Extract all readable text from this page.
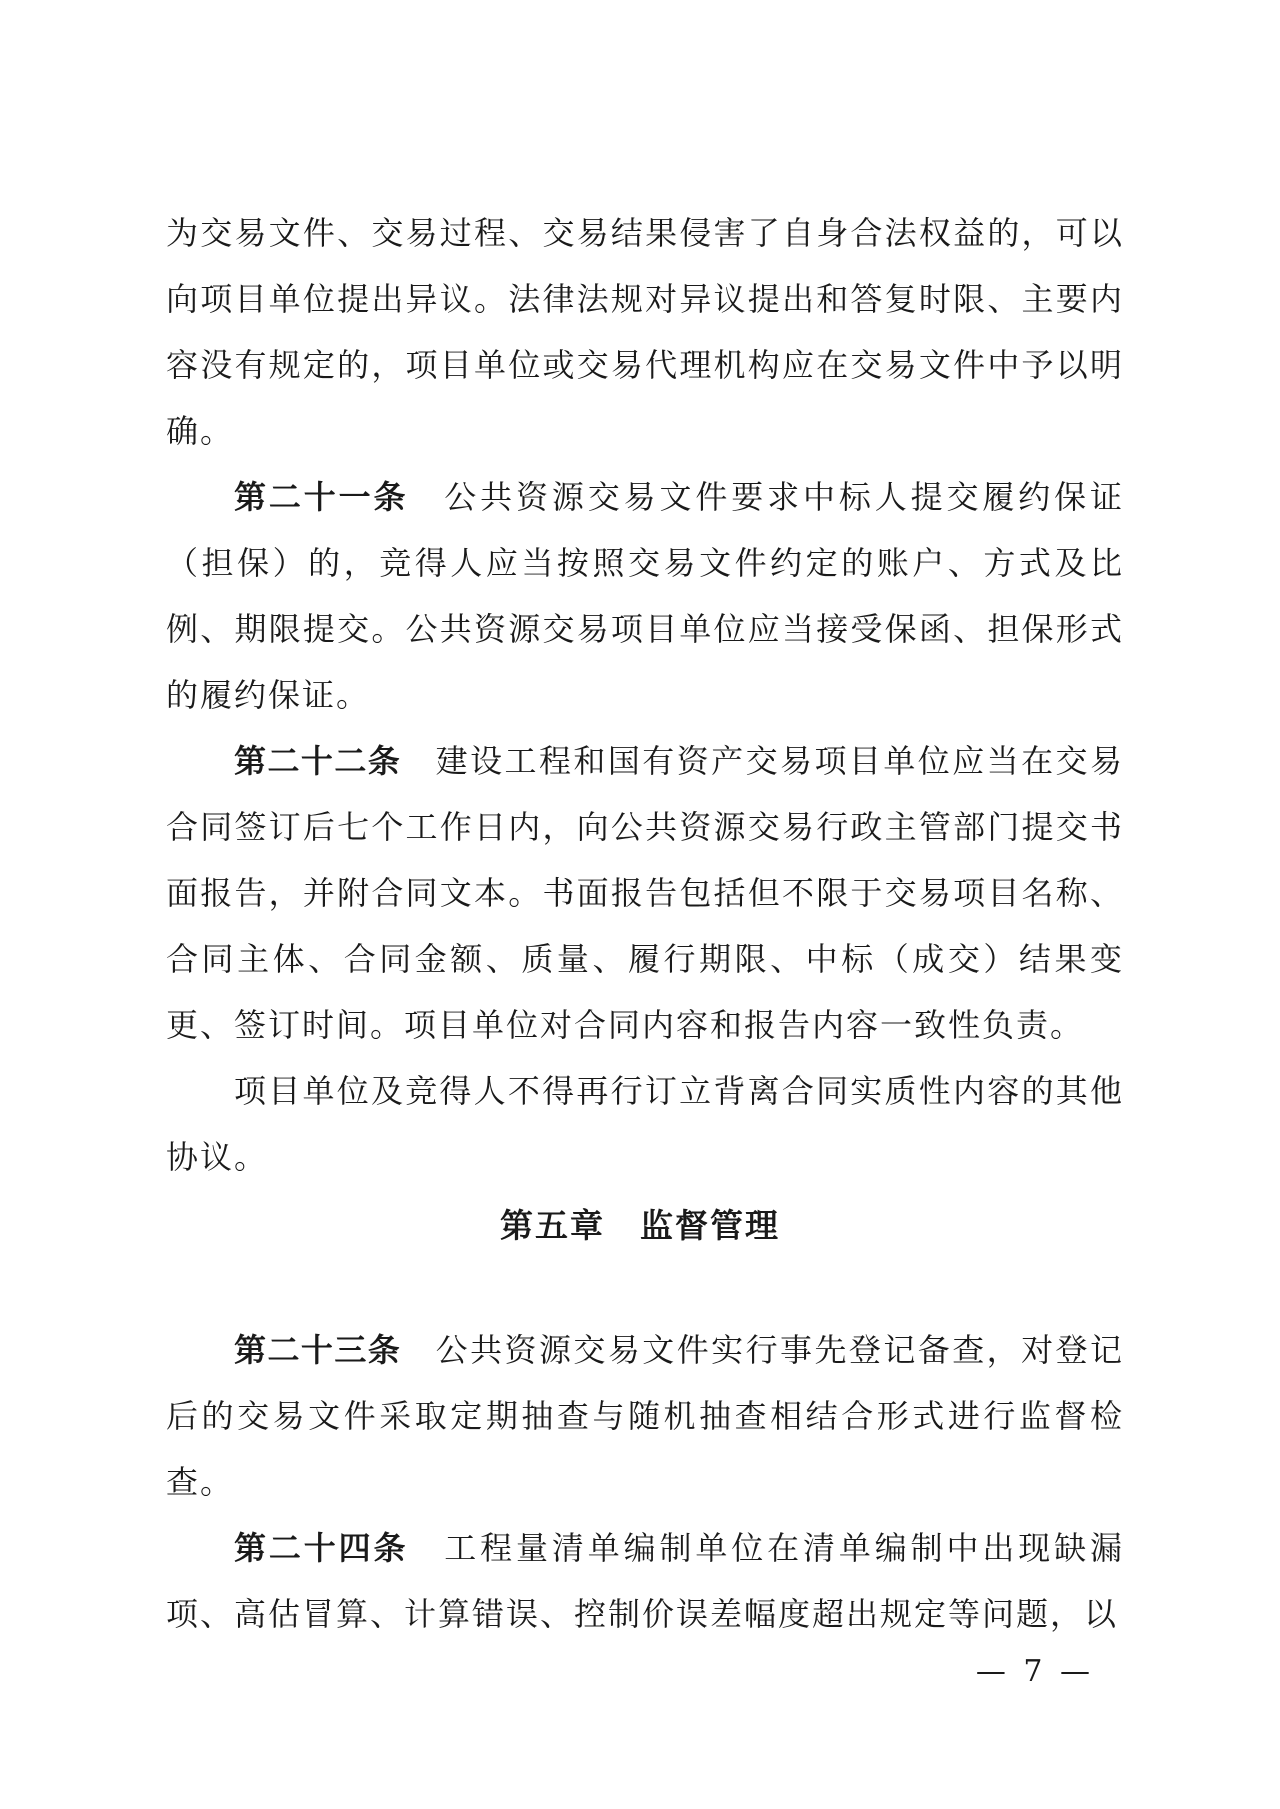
为交易文件、交易过程、交易结果侵害了自身合法权益的，可以向项目单位提出异议。法律法规对异议提出和答复时限、主要内容没有规定的，项目单位或交易代理机构应在交易文件中予以明确。

第二十一条　 公共资源交易文件要求中标人提交履约保证（担保）的，竞得人应当按照交易文件约定的账户、方式及比例、期限提交。公共资源交易项目单位应当接受保函、担保形式的履约保证。

第二十二条　 建设工程和国有资产交易项目单位应当在交易合同签订后七个工作日内，向公共资源交易行政主管部门提交书面报告，并附合同文本。书面报告包括但不限于交易项目名称、合同主体、合同金额、质量、履行期限、中标（成交）结果变更、签订时间。项目单位对合同内容和报告内容一致性负责。

项目单位及竞得人不得再行订立背离合同实质性内容的其他协议。

第五章　监督管理

第二十三条　 公共资源交易文件实行事先登记备查，对登记后的交易文件采取定期抽查与随机抽查相结合形式进行监督检查。

第二十四条　 工程量清单编制单位在清单编制中出现缺漏项、高估冒算、计算错误、控制价误差幅度超出规定等问题，以

— 7 —
